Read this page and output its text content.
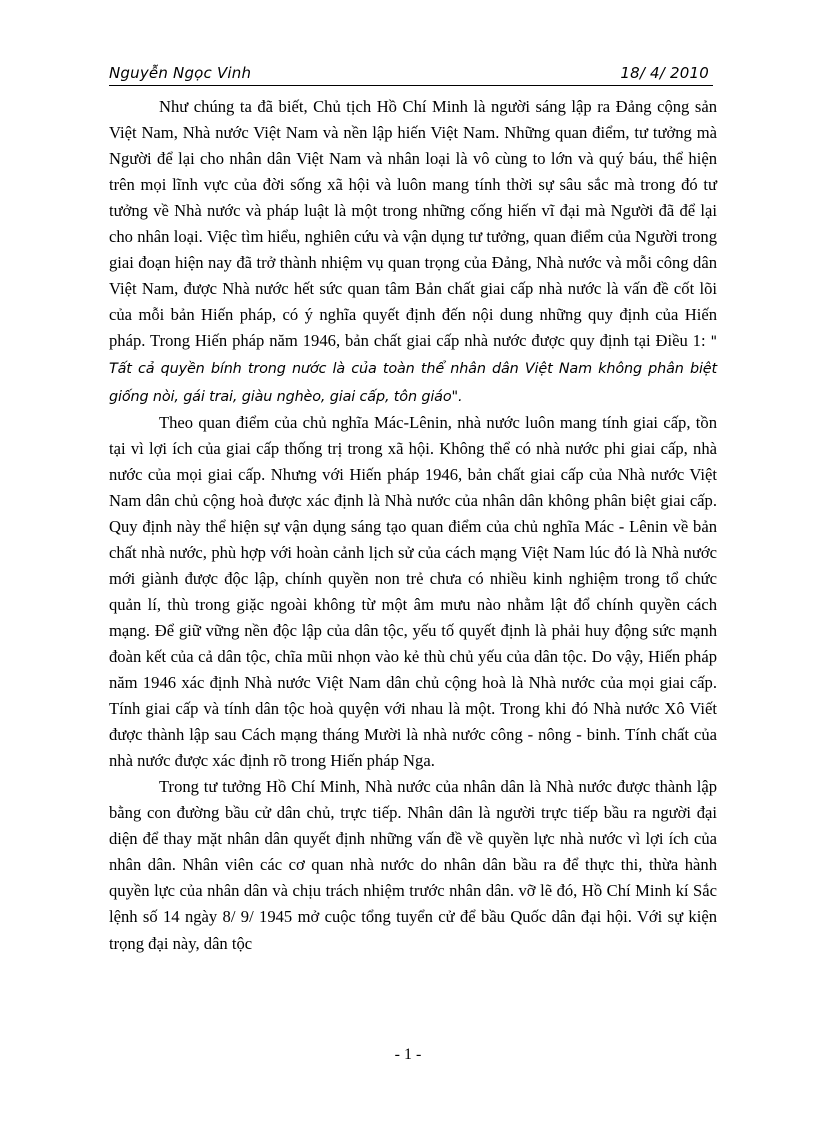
Nguyễn Ngọc Vinh	18/ 4/ 2010

Như chúng ta đã biết, Chủ tịch Hồ Chí Minh là người sáng lập ra Đảng cộng sản Việt Nam, Nhà nước Việt Nam và nền lập hiến Việt Nam. Những quan điểm, tư tưởng mà Người để lại cho nhân dân Việt Nam và nhân loại là vô cùng to lớn và quý báu, thể hiện trên mọi lĩnh vực của đời sống xã hội và luôn mang tính thời sự sâu sắc mà trong đó tư tưởng về Nhà nước và pháp luật là một trong những cống hiến vĩ đại mà Người đã để lại cho nhân loại. Việc tìm hiểu, nghiên cứu và vận dụng tư tưởng, quan điểm của Người trong giai đoạn hiện nay đã trở thành nhiệm vụ quan trọng của Đảng, Nhà nước và mỗi công dân Việt Nam, được Nhà nước hết sức quan tâm Bản chất giai cấp nhà nước là vấn đề cốt lõi của mỗi bản Hiến pháp, có ý nghĩa quyết định đến nội dung những quy định của Hiến pháp. Trong Hiến pháp năm 1946, bản chất giai cấp nhà nước được quy định tại Điều 1: " Tất cả quyền bính trong nước là của toàn thể nhân dân Việt Nam không phân biệt giống nòi, gái trai, giàu nghèo, giai cấp, tôn giáo".

Theo quan điểm của chủ nghĩa Mác-Lênin, nhà nước luôn mang tính giai cấp, tồn tại vì lợi ích của giai cấp thống trị trong xã hội. Không thể có nhà nước phi giai cấp, nhà nước của mọi giai cấp. Nhưng với Hiến pháp 1946, bản chất giai cấp của Nhà nước Việt Nam dân chủ cộng hoà được xác định là Nhà nước của nhân dân không phân biệt giai cấp. Quy định này thể hiện sự vận dụng sáng tạo quan điểm của chủ nghĩa Mác - Lênin về bản chất nhà nước, phù hợp với hoàn cảnh lịch sử của cách mạng Việt Nam lúc đó là Nhà nước mới giành được độc lập, chính quyền non trẻ chưa có nhiều kinh nghiệm trong tổ chức quản lí, thù trong giặc ngoài không từ một âm mưu nào nhằm lật đổ chính quyền cách mạng. Để giữ vững nền độc lập của dân tộc, yếu tố quyết định là phải huy động sức mạnh đoàn kết của cả dân tộc, chĩa mũi nhọn vào kẻ thù chủ yếu của dân tộc. Do vậy, Hiến pháp năm 1946 xác định Nhà nước Việt Nam dân chủ cộng hoà là Nhà nước của mọi giai cấp. Tính giai cấp và tính dân tộc hoà quyện với nhau là một. Trong khi đó Nhà nước Xô Viết được thành lập sau Cách mạng tháng Mười là nhà nước công - nông - binh. Tính chất của nhà nước được xác định rõ trong Hiến pháp Nga.

Trong tư tưởng Hồ Chí Minh, Nhà nước của nhân dân là Nhà nước được thành lập bằng con đường bầu cử dân chủ, trực tiếp. Nhân dân là người trực tiếp bầu ra người đại diện để thay mặt nhân dân quyết định những vấn đề về quyền lực nhà nước vì lợi ích của nhân dân. Nhân viên các cơ quan nhà nước do nhân dân bầu ra để thực thi, thừa hành quyền lực của nhân dân và chịu trách nhiệm trước nhân dân. vỡ lẽ đó, Hồ Chí Minh kí Sắc lệnh số 14 ngày 8/ 9/ 1945 mở cuộc tổng tuyển cử để bầu Quốc dân đại hội. Với sự kiện trọng đại này, dân tộc

- 1 -
